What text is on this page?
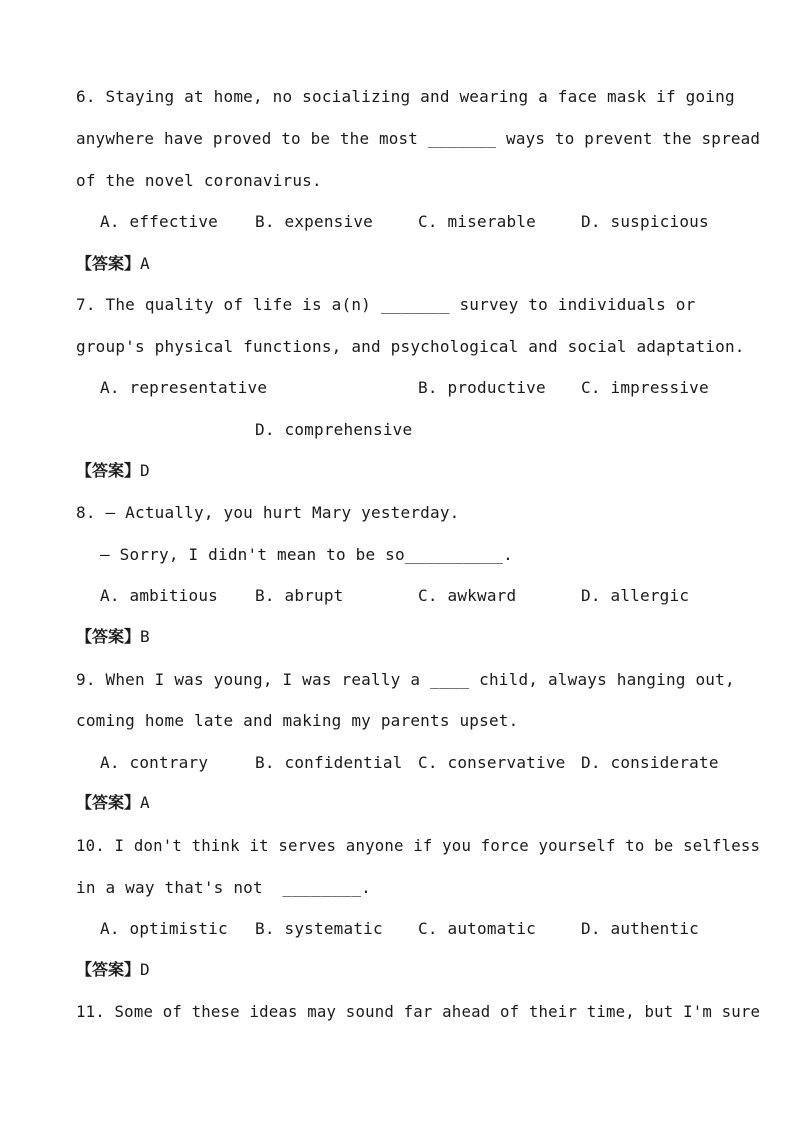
6. Staying at home, no socializing and wearing a face mask if going
anywhere have proved to be the most _______ ways to prevent the spread
of the novel coronavirus.
A. effective B. expensive	C. miserable	D. suspicious
【答案】A
7. The quality of life is a(n) _______ survey to individuals or
group's physical functions, and psychological and social adaptation.
A. representative	B. productive C. impressive
D. comprehensive
【答案】D
8. — Actually, you hurt Mary yesterday.
— Sorry, I didn't mean to be so__________.
A. ambitious B. abrupt	C. awkward	D. allergic
【答案】B
9. When I was young, I was really a ____ child, always hanging out,
coming home late and making my parents upset.
A. contrary	B. confidential C. conservative D. considerate
【答案】A
10. I don't think it serves anyone if you force yourself to be selfless
in a way that's not  ________.
A. optimistic B. systematic C. automatic	D. authentic
【答案】D
11. Some of these ideas may sound far ahead of their time, but I'm sure
